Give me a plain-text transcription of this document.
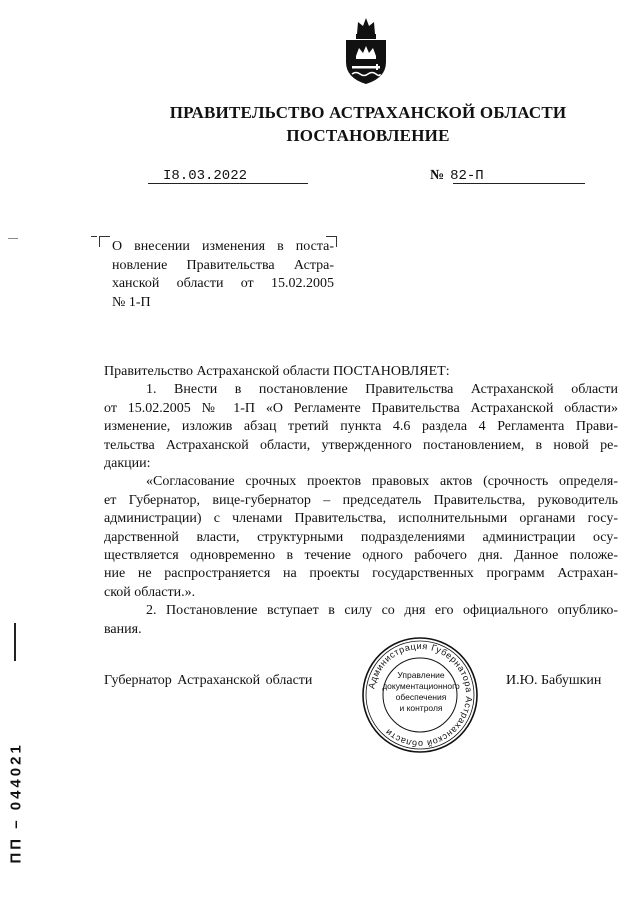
ПРАВИТЕЛЬСТВО АСТРАХАНСКОЙ ОБЛАСТИ
ПОСТАНОВЛЕНИЕ
I8.03.2022	№ 82-П
О внесении изменения в поста-
новление Правительства Астра-
ханской области от 15.02.2005
№ 1-П

Правительство Астраханской области ПОСТАНОВЛЯЕТ:

1. Внести в постановление Правительства Астраханской области
от 15.02.2005 № 1-П «О Регламенте Правительства Астраханской области»
изменение, изложив абзац третий пункта 4.6 раздела 4 Регламента Прави-
тельства Астраханской области, утвержденного постановлением, в новой ре-
дакции:

«Согласование срочных проектов правовых актов (срочность определя-
ет Губернатор, вице-губернатор – председатель Правительства, руководитель
администрации) с членами Правительства, исполнительными органами госу-
дарственной власти, структурными подразделениями администрации осу-
ществляется одновременно в течение одного рабочего дня. Данное положе-
ние не распространяется на проекты государственных программ Астрахан-
ской области.».

2. Постановление вступает в силу со дня его официального опублико-
вания.

Губернатор Астраханской области	И.Ю. Бабушкин
Администрация Губернатора Астраханской области
Управление
документационного
обеспечения
и контроля
ПП – 044021
